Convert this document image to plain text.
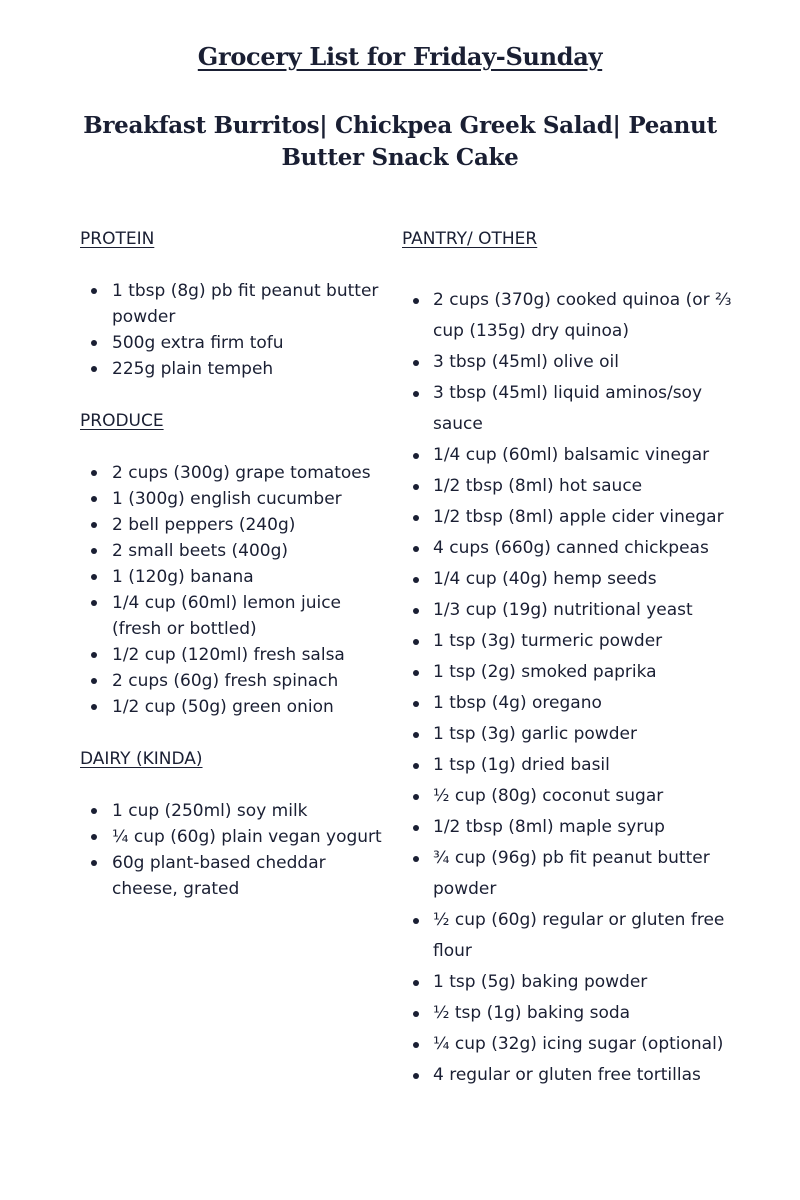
Grocery List for Friday-Sunday
Breakfast Burritos| Chickpea Greek Salad| Peanut Butter Snack Cake
PROTEIN
1 tbsp (8g) pb fit peanut butter powder
500g extra firm tofu
225g plain tempeh
PRODUCE
2 cups (300g) grape tomatoes
1 (300g) english cucumber
2 bell peppers (240g)
2 small beets (400g)
1 (120g) banana
1/4 cup (60ml) lemon juice (fresh or bottled)
1/2 cup (120ml) fresh salsa
2 cups (60g) fresh spinach
1/2 cup (50g) green onion
DAIRY (KINDA)
1 cup (250ml) soy milk
¼ cup (60g) plain vegan yogurt
60g plant-based cheddar cheese, grated
PANTRY/ OTHER
2 cups (370g) cooked quinoa (or ⅔ cup (135g) dry quinoa)
3 tbsp (45ml) olive oil
3 tbsp (45ml) liquid aminos/soy sauce
1/4 cup (60ml) balsamic vinegar
1/2 tbsp (8ml) hot sauce
1/2 tbsp (8ml) apple cider vinegar
4 cups (660g) canned chickpeas
1/4 cup (40g) hemp seeds
1/3 cup (19g) nutritional yeast
1 tsp (3g) turmeric powder
1 tsp (2g) smoked paprika
1 tbsp (4g) oregano
1 tsp (3g) garlic powder
1 tsp (1g) dried basil
½ cup (80g) coconut sugar
1/2 tbsp (8ml) maple syrup
¾ cup (96g) pb fit peanut butter powder
½ cup (60g) regular or gluten free flour
1 tsp (5g) baking powder
½ tsp (1g) baking soda
¼ cup (32g) icing sugar (optional)
4 regular or gluten free tortillas
